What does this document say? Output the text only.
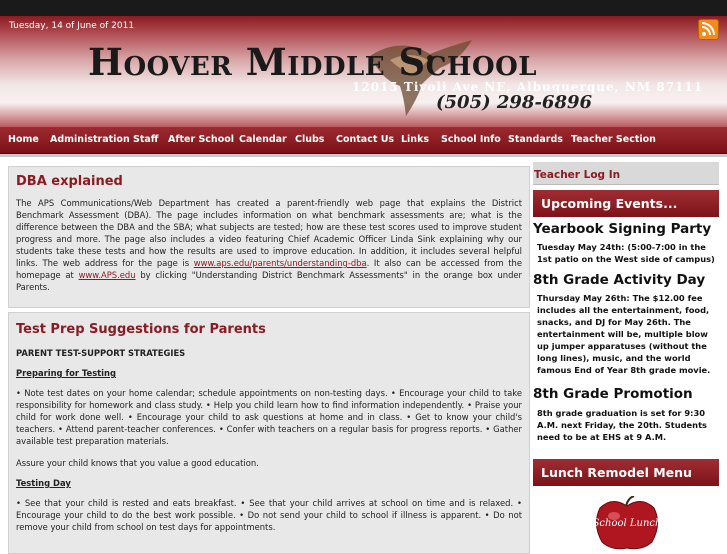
Tuesday, 14 of June of 2011
Hoover Middle School
12015 Tivoli Ave NE, Albuquerque, NM 87111
(505) 298-6896
Home Administration Staff After School Calendar Clubs Contact Us Links School Info Standards Teacher Section
DBA explained
The APS Communications/Web Department has created a parent-friendly web page that explains the District Benchmark Assessment (DBA). The page includes information on what benchmark assessments are; what is the difference between the DBA and the SBA; what subjects are tested; how are these test scores used to improve student progress and more. The page also includes a video featuring Chief Academic Officer Linda Sink explaining why our students take these tests and how the results are used to improve education. In addition, it includes several helpful links. The web address for the page is www.aps.edu/parents/understanding-dba. It also can be accessed from the homepage at www.APS.edu by clicking "Understanding District Benchmark Assessments" in the orange box under Parents.
Test Prep Suggestions for Parents
PARENT TEST-SUPPORT STRATEGIES
Preparing for Testing
• Note test dates on your home calendar; schedule appointments on non-testing days. • Encourage your child to take responsibility for homework and class study. • Help you child learn how to find information independently. • Praise your child for work done well. • Encourage your child to ask questions at home and in class. • Get to know your child's teachers. • Attend parent-teacher conferences. • Confer with teachers on a regular basis for progress reports. • Gather available test preparation materials.
Assure your child knows that you value a good education.
Testing Day
• See that your child is rested and eats breakfast. • See that your child arrives at school on time and is relaxed. • Encourage your child to do the best work possible. • Do not send your child to school if illness is apparent. • Do not remove your child from school on test days for appointments.
Teacher Log In
Upcoming Events...
Yearbook Signing Party
Tuesday May 24th: (5:00-7:00 in the 1st patio on the West side of campus)
8th Grade Activity Day
Thursday May 26th: The $12.00 fee includes all the entertainment, food, snacks, and DJ for May 26th. The entertainment will be, multiple blow up jumper apparatuses (without the long lines), music, and the world famous End of Year 8th grade movie.
8th Grade Promotion
8th grade graduation is set for 9:30 A.M. next Friday, the 20th. Students need to be at EHS at 9 A.M.
Lunch Remodel Menu
School Lunch
